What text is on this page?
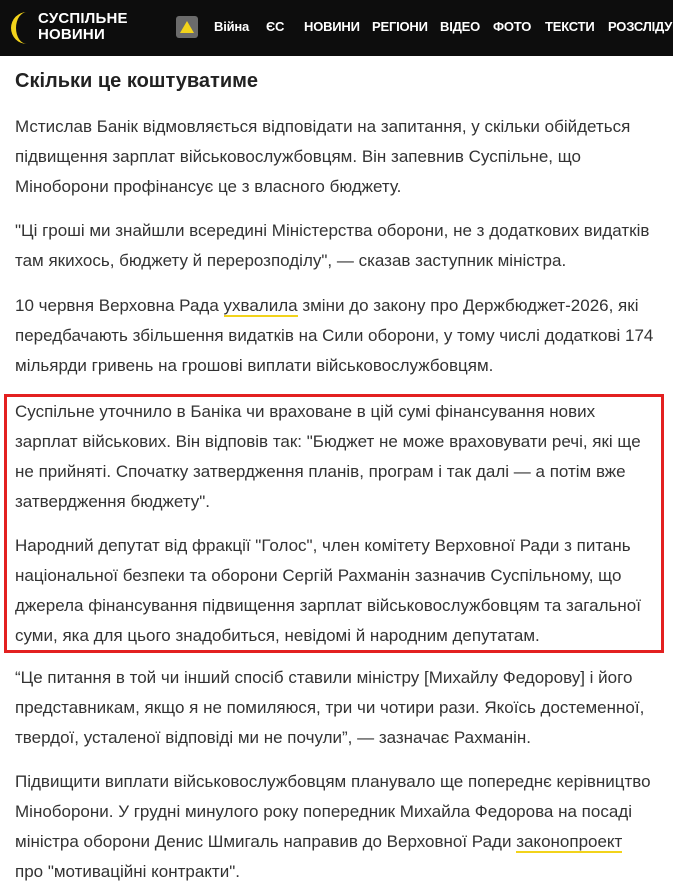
СУСПІЛЬНЕ
НОВИНИ	Війна ЄС НОВИНИ РЕГІОНИ ВІДЕО ФОТО ТЕКСТИ РОЗСЛІДУВА
Скільки це коштуватиме

Мстислав Банік відмовляється відповідати на запитання, у скільки обійдеться підвищення зарплат військовослужбовцям. Він запевнив Суспільне, що Міноборони профінансує це з власного бюджету.

"Ці гроші ми знайшли всередині Міністерства оборони, не з додаткових видатків там якихось, бюджету й перерозподілу", — сказав заступник міністра.

10 червня Верховна Рада ухвалила зміни до закону про Держбюджет-2026, які передбачають збільшення видатків на Сили оборони, у тому числі додаткові 174 мільярди гривень на грошові виплати військовослужбовцям.

Суспільне уточнило в Баніка чи враховане в цій сумі фінансування нових зарплат військових. Він відповів так: "Бюджет не може враховувати речі, які ще не прийняті. Спочатку затвердження планів, програм і так далі — а потім вже затвердження бюджету".

Народний депутат від фракції "Голос", член комітету Верховної Ради з питань національної безпеки та оборони Сергій Рахманін зазначив Суспільному, що джерела фінансування підвищення зарплат військовослужбовцям та загальної суми, яка для цього знадобиться, невідомі й народним депутатам.

“Це питання в той чи інший спосіб ставили міністру [Михайлу Федорову] і його представникам, якщо я не помиляюся, три чи чотири рази. Якоїсь достеменної, твердої, усталеної відповіді ми не почули”, — зазначає Рахманін.

Підвищити виплати військовослужбовцям планувало ще попереднє керівництво Міноборони. У грудні минулого року попередник Михайла Федорова на посаді міністра оборони Денис Шмигаль направив до Верховної Ради законопроект про "мотиваційні контракти".
